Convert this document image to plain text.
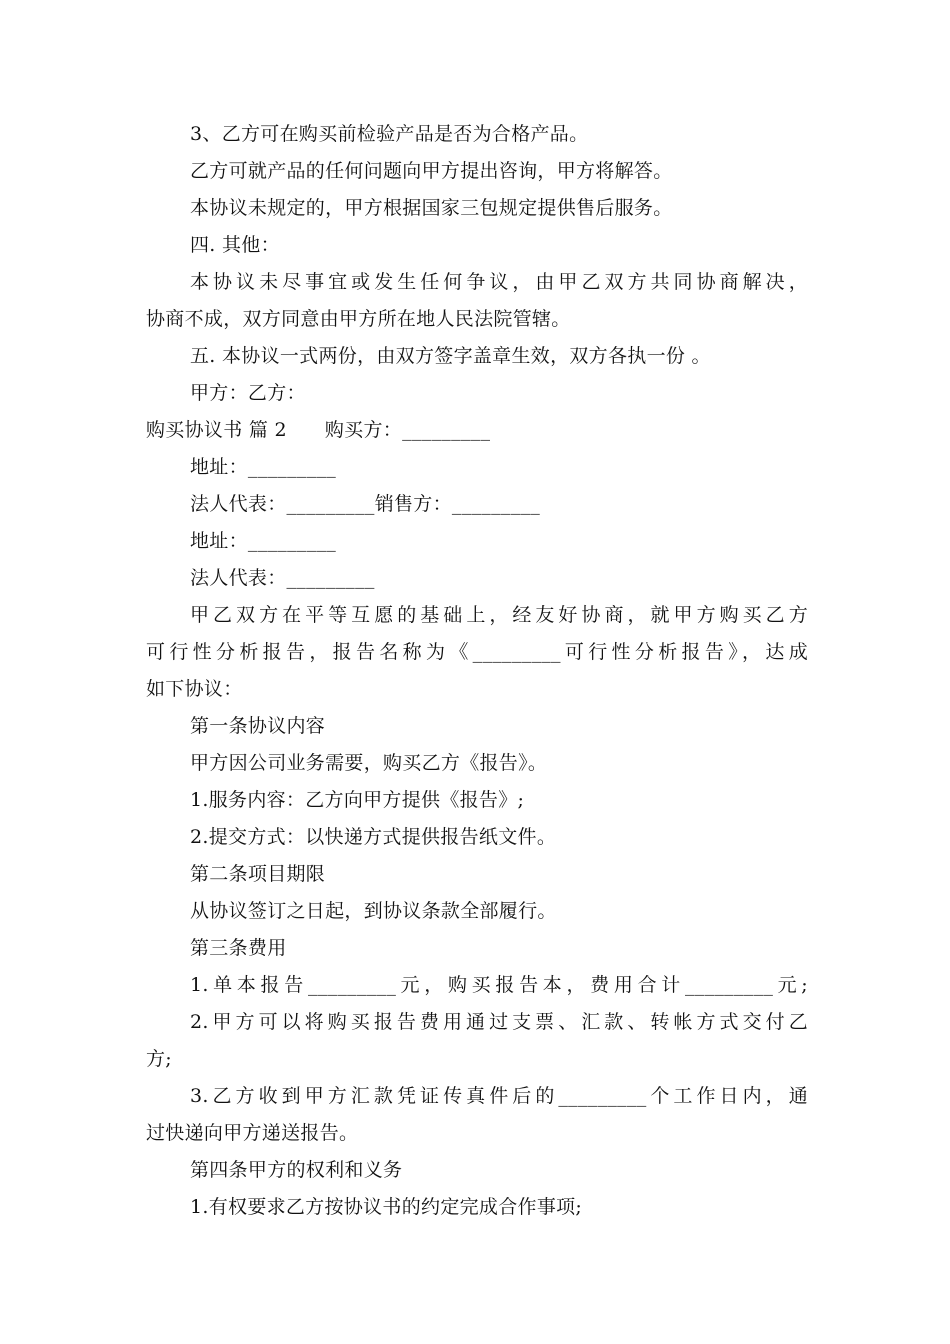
3、乙方可在购买前检验产品是否为合格产品。
乙方可就产品的任何问题向甲方提出咨询，甲方将解答。
本协议未规定的，甲方根据国家三包规定提供售后服务。
四. 其他：
本协议未尽事宜或发生任何争议，由甲乙双方共同协商解决，
协商不成，双方同意由甲方所在地人民法院管辖。
五. 本协议一式两份，由双方签字盖章生效，双方各执一份 。
甲方：乙方：
购买协议书 篇 2 购买方：_________
地址：_________
法人代表：_________销售方：_________
地址：_________
法人代表：_________
甲乙双方在平等互愿的基础上，经友好协商，就甲方购买乙方
可行性分析报告，报告名称为《_________可行性分析报告》，达成
如下协议：
第一条协议内容
甲方因公司业务需要，购买乙方《报告》。
1.服务内容：乙方向甲方提供《报告》;
2.提交方式：以快递方式提供报告纸文件。
第二条项目期限
从协议签订之日起，到协议条款全部履行。
第三条费用
1.单本报告_________元，购买报告本，费用合计_________元;
2.甲方可以将购买报告费用通过支票、汇款、转帐方式交付乙
方;
3.乙方收到甲方汇款凭证传真件后的_________个工作日内，通
过快递向甲方递送报告。
第四条甲方的权利和义务
1.有权要求乙方按协议书的约定完成合作事项;
